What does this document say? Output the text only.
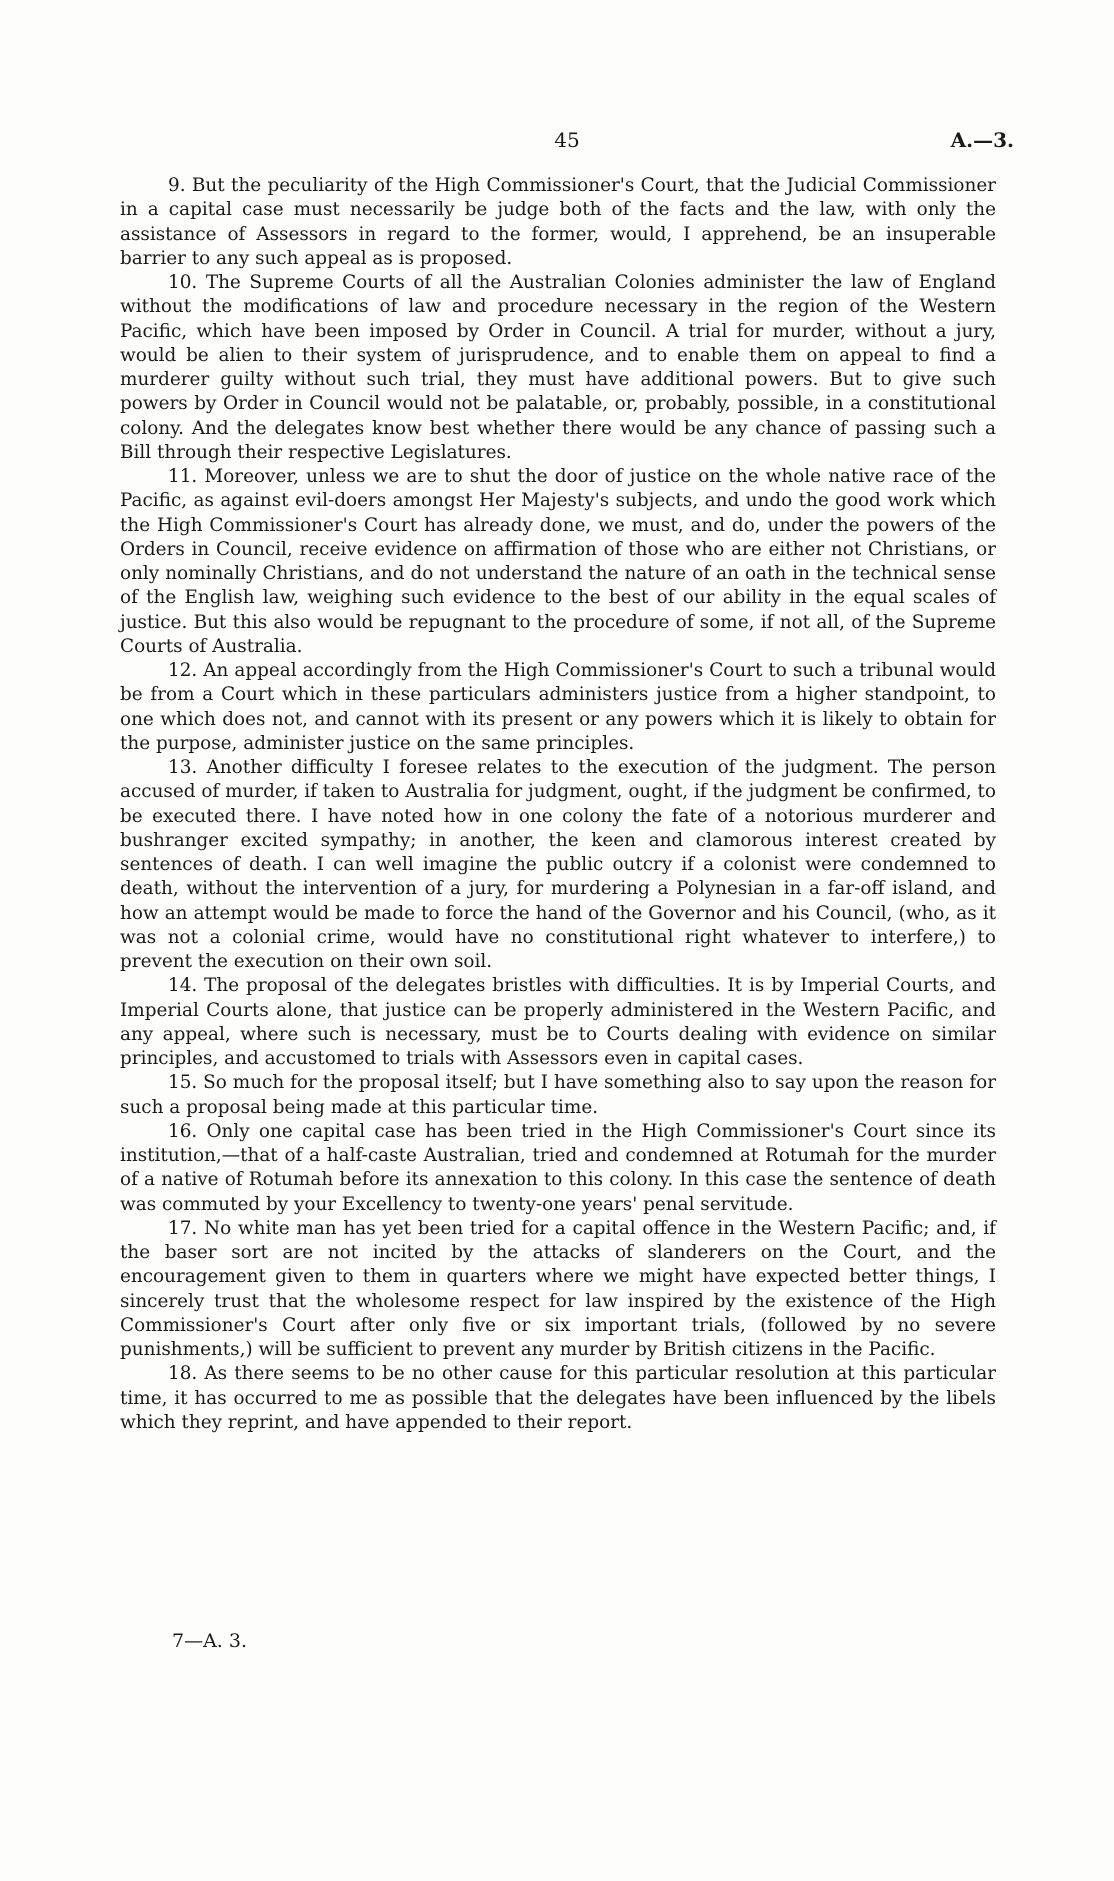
45	A.—3.

9. But the peculiarity of the High Commissioner's Court, that the Judicial Commissioner in a capital case must necessarily be judge both of the facts and the law, with only the assistance of Assessors in regard to the former, would, I apprehend, be an insuperable barrier to any such appeal as is proposed.

10. The Supreme Courts of all the Australian Colonies administer the law of England without the modifications of law and procedure necessary in the region of the Western Pacific, which have been imposed by Order in Council. A trial for murder, without a jury, would be alien to their system of jurisprudence, and to enable them on appeal to find a murderer guilty without such trial, they must have additional powers. But to give such powers by Order in Council would not be palatable, or, probably, possible, in a constitutional colony. And the delegates know best whether there would be any chance of passing such a Bill through their respective Legislatures.

11. Moreover, unless we are to shut the door of justice on the whole native race of the Pacific, as against evil-doers amongst Her Majesty's subjects, and undo the good work which the High Commissioner's Court has already done, we must, and do, under the powers of the Orders in Council, receive evidence on affirmation of those who are either not Christians, or only nominally Christians, and do not understand the nature of an oath in the technical sense of the English law, weighing such evidence to the best of our ability in the equal scales of justice. But this also would be repugnant to the procedure of some, if not all, of the Supreme Courts of Australia.

12. An appeal accordingly from the High Commissioner's Court to such a tribunal would be from a Court which in these particulars administers justice from a higher standpoint, to one which does not, and cannot with its present or any powers which it is likely to obtain for the purpose, administer justice on the same principles.

13. Another difficulty I foresee relates to the execution of the judgment. The person accused of murder, if taken to Australia for judgment, ought, if the judgment be confirmed, to be executed there. I have noted how in one colony the fate of a notorious murderer and bushranger excited sympathy; in another, the keen and clamorous interest created by sentences of death. I can well imagine the public outcry if a colonist were condemned to death, without the intervention of a jury, for murdering a Polynesian in a far-off island, and how an attempt would be made to force the hand of the Governor and his Council, (who, as it was not a colonial crime, would have no constitutional right whatever to interfere,) to prevent the execution on their own soil.

14. The proposal of the delegates bristles with difficulties. It is by Imperial Courts, and Imperial Courts alone, that justice can be properly administered in the Western Pacific, and any appeal, where such is necessary, must be to Courts dealing with evidence on similar principles, and accustomed to trials with Assessors even in capital cases.

15. So much for the proposal itself; but I have something also to say upon the reason for such a proposal being made at this particular time.

16. Only one capital case has been tried in the High Commissioner's Court since its institution,—that of a half-caste Australian, tried and condemned at Rotumah for the murder of a native of Rotumah before its annexation to this colony. In this case the sentence of death was commuted by your Excellency to twenty-one years' penal servitude.

17. No white man has yet been tried for a capital offence in the Western Pacific; and, if the baser sort are not incited by the attacks of slanderers on the Court, and the encouragement given to them in quarters where we might have expected better things, I sincerely trust that the wholesome respect for law inspired by the existence of the High Commissioner's Court after only five or six important trials, (followed by no severe punishments,) will be sufficient to prevent any murder by British citizens in the Pacific.

18. As there seems to be no other cause for this particular resolution at this particular time, it has occurred to me as possible that the delegates have been influenced by the libels which they reprint, and have appended to their report.

7—A. 3.
